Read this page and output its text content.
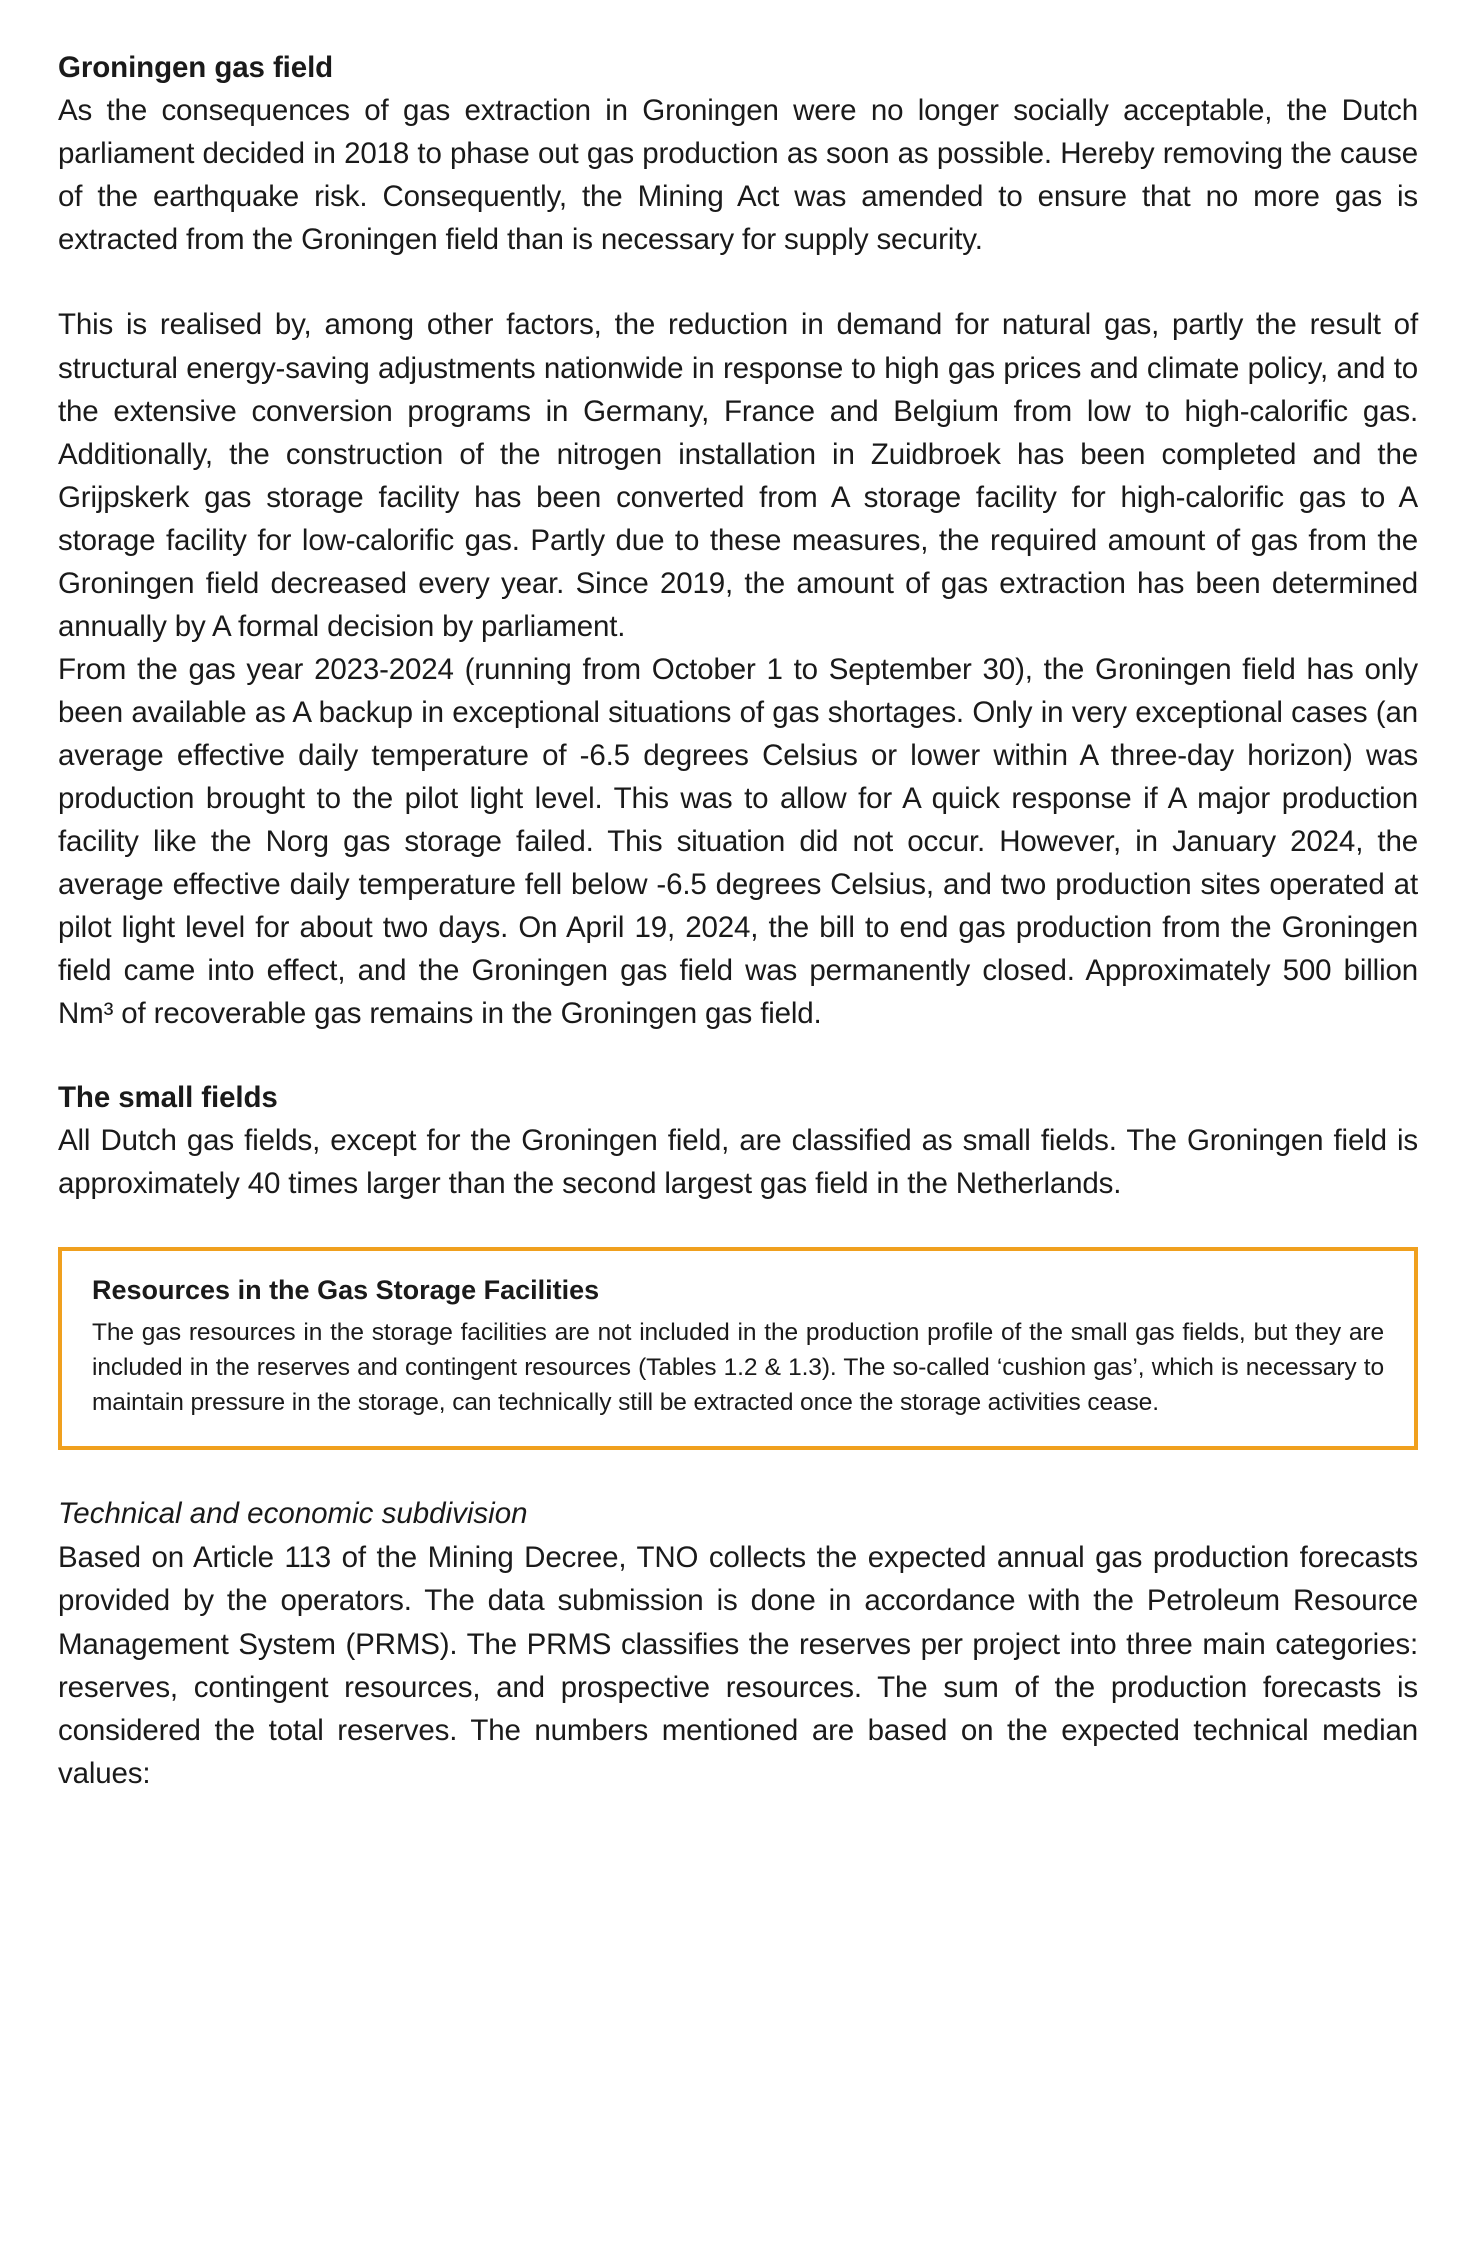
Groningen gas field

As the consequences of gas extraction in Groningen were no longer socially acceptable, the Dutch parliament decided in 2018 to phase out gas production as soon as possible. Hereby removing the cause of the earthquake risk. Consequently, the Mining Act was amended to ensure that no more gas is extracted from the Groningen field than is necessary for supply security.

This is realised by, among other factors, the reduction in demand for natural gas, partly the result of structural energy-saving adjustments nationwide in response to high gas prices and climate policy, and to the extensive conversion programs in Germany, France and Belgium from low to high-calorific gas. Additionally, the construction of the nitrogen installation in Zuidbroek has been completed and the Grijpskerk gas storage facility has been converted from A storage facility for high-calorific gas to A storage facility for low-calorific gas. Partly due to these measures, the required amount of gas from the Groningen field decreased every year. Since 2019, the amount of gas extraction has been determined annually by A formal decision by parliament.

From the gas year 2023-2024 (running from October 1 to September 30), the Groningen field has only been available as A backup in exceptional situations of gas shortages. Only in very exceptional cases (an average effective daily temperature of -6.5 degrees Celsius or lower within A three-day horizon) was production brought to the pilot light level. This was to allow for A quick response if A major production facility like the Norg gas storage failed. This situation did not occur. However, in January 2024, the average effective daily temperature fell below -6.5 degrees Celsius, and two production sites operated at pilot light level for about two days. On April 19, 2024, the bill to end gas production from the Groningen field came into effect, and the Groningen gas field was permanently closed. Approximately 500 billion Nm³ of recoverable gas remains in the Groningen gas field.

The small fields

All Dutch gas fields, except for the Groningen field, are classified as small fields. The Groningen field is approximately 40 times larger than the second largest gas field in the Netherlands.

Resources in the Gas Storage Facilities

The gas resources in the storage facilities are not included in the production profile of the small gas fields, but they are included in the reserves and contingent resources (Tables 1.2 & 1.3). The so-called ‘cushion gas’, which is necessary to maintain pressure in the storage, can technically still be extracted once the storage activities cease.

Technical and economic subdivision

Based on Article 113 of the Mining Decree, TNO collects the expected annual gas production forecasts provided by the operators. The data submission is done in accordance with the Petroleum Resource Management System (PRMS). The PRMS classifies the reserves per project into three main categories: reserves, contingent resources, and prospective resources. The sum of the production forecasts is considered the total reserves. The numbers mentioned are based on the expected technical median values:
